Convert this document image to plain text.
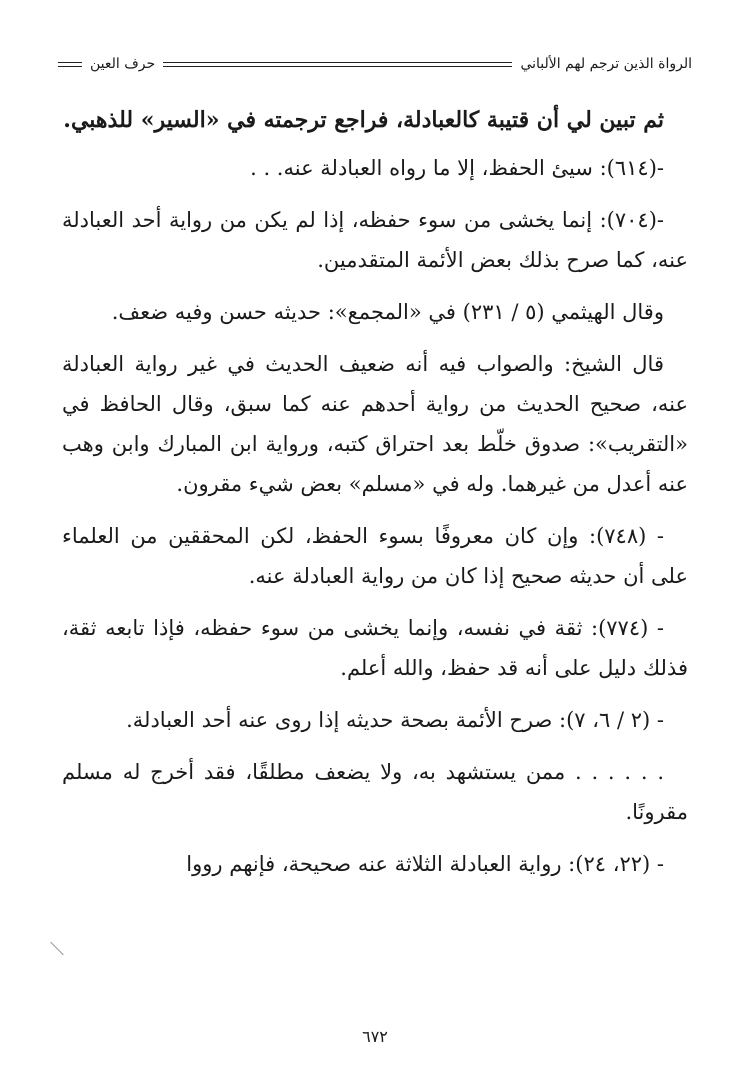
الرواة الذين ترجم لهم الألباني
حرف العين

ثم تبين لي أن قتيبة كالعبادلة، فراجع ترجمته في «السير» للذهبي.

-(٦١٤): سيئ الحفظ، إلا ما رواه العبادلة عنه. . .

-(٧٠٤): إنما يخشى من سوء حفظه، إذا لم يكن من رواية أحد العبادلة عنه، كما صرح بذلك بعض الأئمة المتقدمين.

وقال الهيثمي (٥ / ٢٣١) في «المجمع»: حديثه حسن وفيه ضعف.

قال الشيخ: والصواب فيه أنه ضعيف الحديث في غير رواية العبادلة عنه، صحيح الحديث من رواية أحدهم عنه كما سبق، وقال الحافظ في «التقريب»: صدوق خلّط بعد احتراق كتبه، ورواية ابن المبارك وابن وهب عنه أعدل من غيرهما. وله في «مسلم» بعض شيء مقرون.

- (٧٤٨): وإن كان معروفًا بسوء الحفظ، لكن المحققين من العلماء على أن حديثه صحيح إذا كان من رواية العبادلة عنه.

- (٧٧٤): ثقة في نفسه، وإنما يخشى من سوء حفظه، فإذا تابعه ثقة، فذلك دليل على أنه قد حفظ، والله أعلم.

- (٢ / ٦، ٧): صرح الأئمة بصحة حديثه إذا روى عنه أحد العبادلة.

. . . . . . ممن يستشهد به، ولا يضعف مطلقًا، فقد أخرج له مسلم مقرونًا.

- (٢٢، ٢٤): رواية العبادلة الثلاثة عنه صحيحة، فإنهم رووا

٦٧٢
